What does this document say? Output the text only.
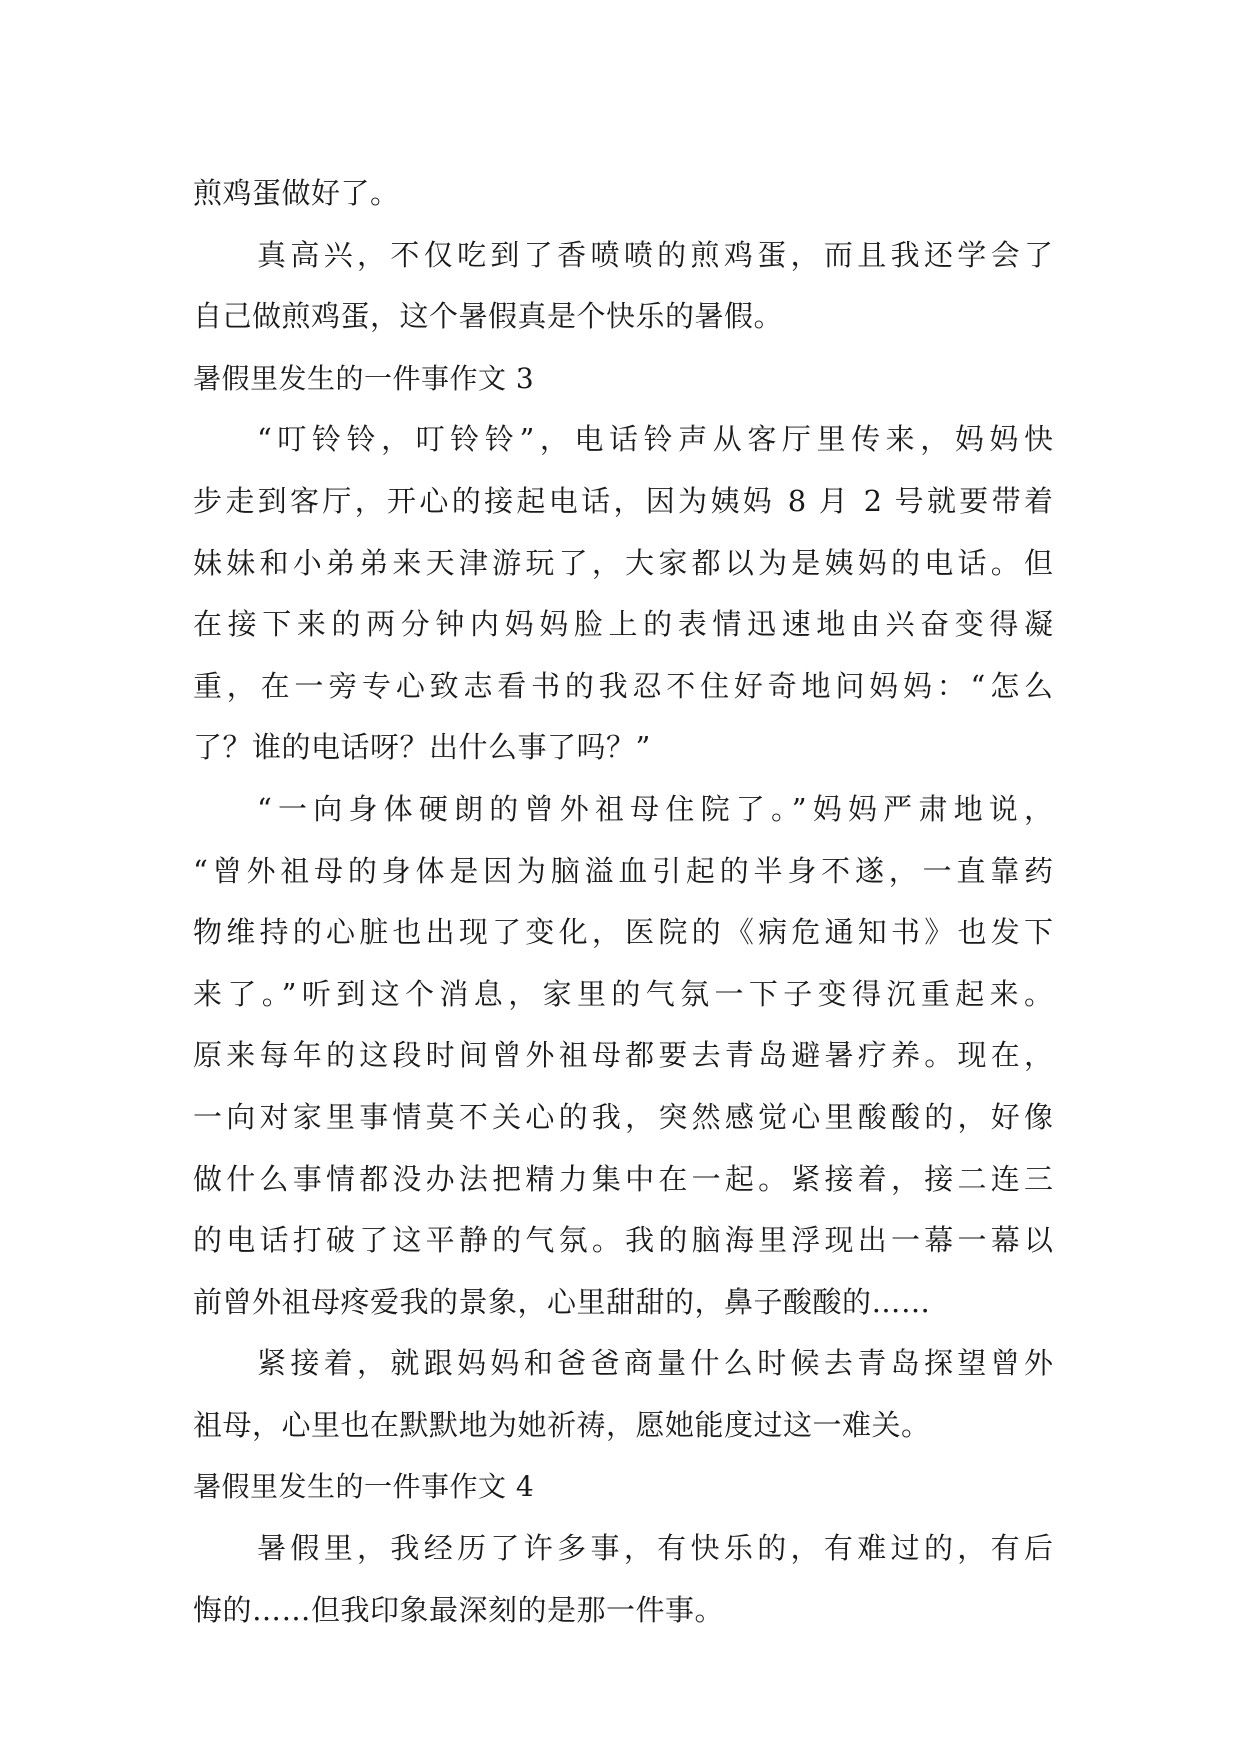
煎鸡蛋做好了。
真高兴，不仅吃到了香喷喷的煎鸡蛋，而且我还学会了
自己做煎鸡蛋，这个暑假真是个快乐的暑假。
暑假里发生的一件事作文 3
“叮铃铃，叮铃铃”，电话铃声从客厅里传来，妈妈快
步走到客厅，开心的接起电话，因为姨妈 8 月 2 号就要带着
妹妹和小弟弟来天津游玩了，大家都以为是姨妈的电话。但
在接下来的两分钟内妈妈脸上的表情迅速地由兴奋变得凝
重，在一旁专心致志看书的我忍不住好奇地问妈妈：“怎么
了？谁的电话呀？出什么事了吗？”
“一向身体硬朗的曾外祖母住院了。”妈妈严肃地说，
“曾外祖母的身体是因为脑溢血引起的半身不遂，一直靠药
物维持的心脏也出现了变化，医院的《病危通知书》也发下
来了。”听到这个消息，家里的气氛一下子变得沉重起来。
原来每年的这段时间曾外祖母都要去青岛避暑疗养。现在，
一向对家里事情莫不关心的我，突然感觉心里酸酸的，好像
做什么事情都没办法把精力集中在一起。紧接着，接二连三
的电话打破了这平静的气氛。我的脑海里浮现出一幕一幕以
前曾外祖母疼爱我的景象，心里甜甜的，鼻子酸酸的……
紧接着，就跟妈妈和爸爸商量什么时候去青岛探望曾外
祖母，心里也在默默地为她祈祷，愿她能度过这一难关。
暑假里发生的一件事作文 4
暑假里，我经历了许多事，有快乐的，有难过的，有后
悔的……但我印象最深刻的是那一件事。
